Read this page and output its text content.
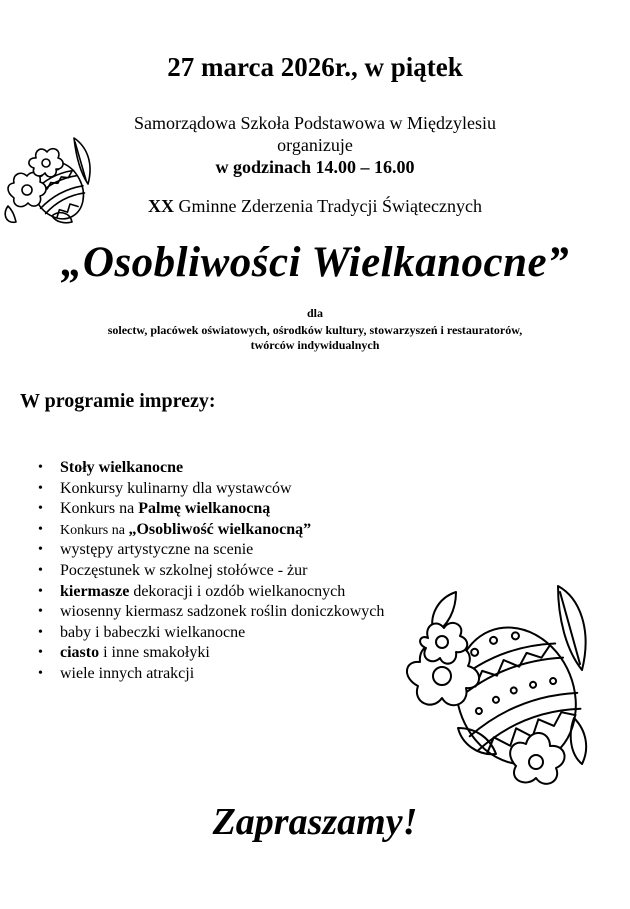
27 marca 2026r., w piątek
Samorządowa Szkoła Podstawowa w Międzylesiu
organizuje
w godzinach 14.00 – 16.00
XX Gminne Zderzenia Tradycji Świątecznych
„Osobliwości Wielkanocne”
dla
solectw, placówek oświatowych, ośrodków kultury, stowarzyszeń i restauratorów,
twórców indywidualnych
W programie imprezy:
• Stoły wielkanocne
• Konkursy kulinarny dla wystawców
• Konkurs na Palmę wielkanocną
• Konkurs na „Osobliwość wielkanocną”
• występy artystyczne na scenie
• Poczęstunek w szkolnej stołówce - żur
• kiermasze dekoracji i ozdób wielkanocnych
• wiosenny kiermasz sadzonek roślin doniczkowych
• baby i babeczki wielkanocne
• ciasto i inne smakołyki
• wiele innych atrakcji
Zapraszamy!
